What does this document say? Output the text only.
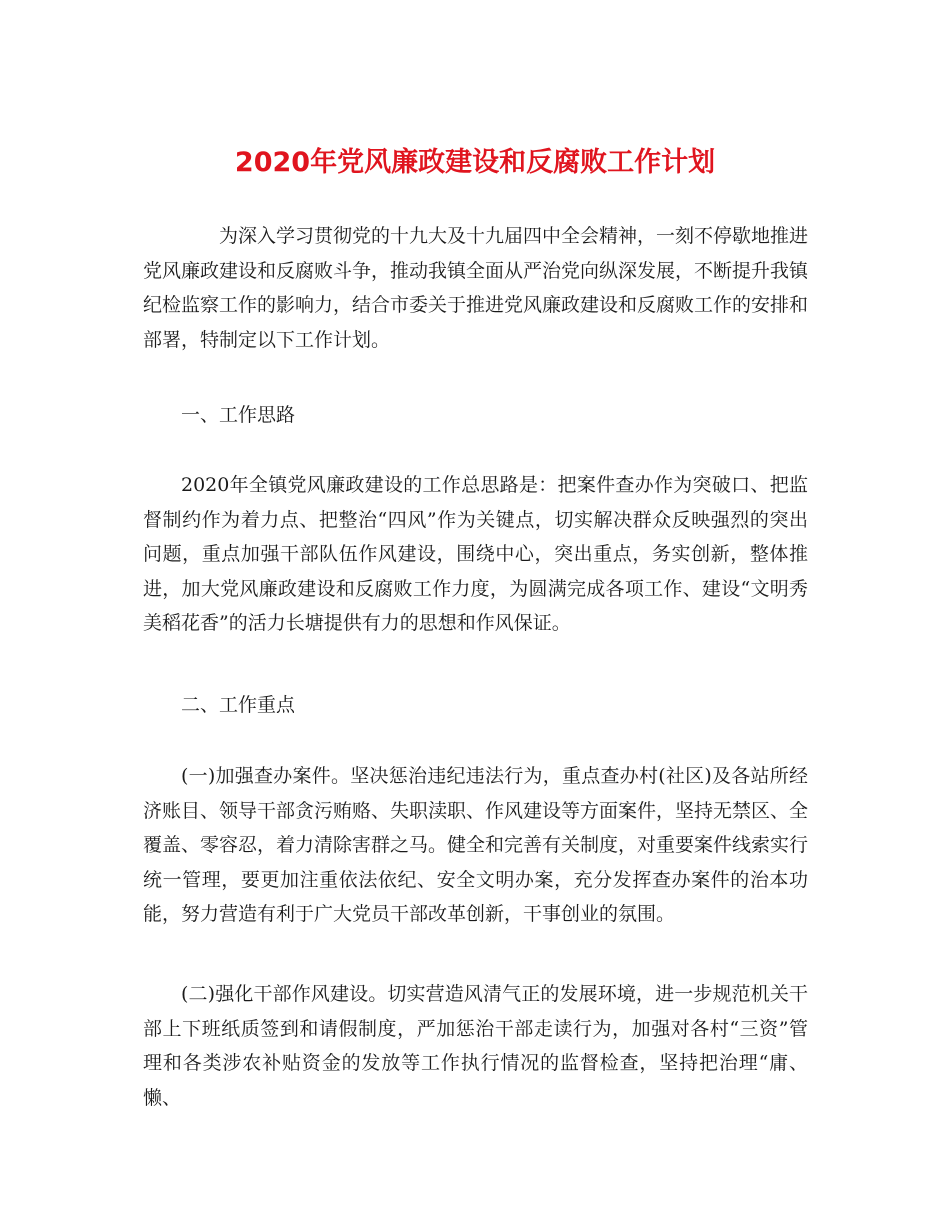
2020年党风廉政建设和反腐败工作计划

为深入学习贯彻党的十九大及十九届四中全会精神，一刻不停歇地推进党风廉政建设和反腐败斗争，推动我镇全面从严治党向纵深发展，不断提升我镇纪检监察工作的影响力，结合市委关于推进党风廉政建设和反腐败工作的安排和部署，特制定以下工作计划。

一、工作思路

2020年全镇党风廉政建设的工作总思路是：把案件查办作为突破口、把监督制约作为着力点、把整治“四风”作为关键点，切实解决群众反映强烈的突出问题，重点加强干部队伍作风建设，围绕中心，突出重点，务实创新，整体推进，加大党风廉政建设和反腐败工作力度，为圆满完成各项工作、建设“文明秀美稻花香”的活力长塘提供有力的思想和作风保证。

二、工作重点

(一)加强查办案件。坚决惩治违纪违法行为，重点查办村(社区)及各站所经济账目、领导干部贪污贿赂、失职渎职、作风建设等方面案件，坚持无禁区、全覆盖、零容忍，着力清除害群之马。健全和完善有关制度，对重要案件线索实行统一管理，要更加注重依法依纪、安全文明办案，充分发挥查办案件的治本功能，努力营造有利于广大党员干部改革创新，干事创业的氛围。

(二)强化干部作风建设。切实营造风清气正的发展环境，进一步规范机关干部上下班纸质签到和请假制度，严加惩治干部走读行为，加强对各村“三资”管理和各类涉农补贴资金的发放等工作执行情况的监督检查，坚持把治理“庸、懒、
